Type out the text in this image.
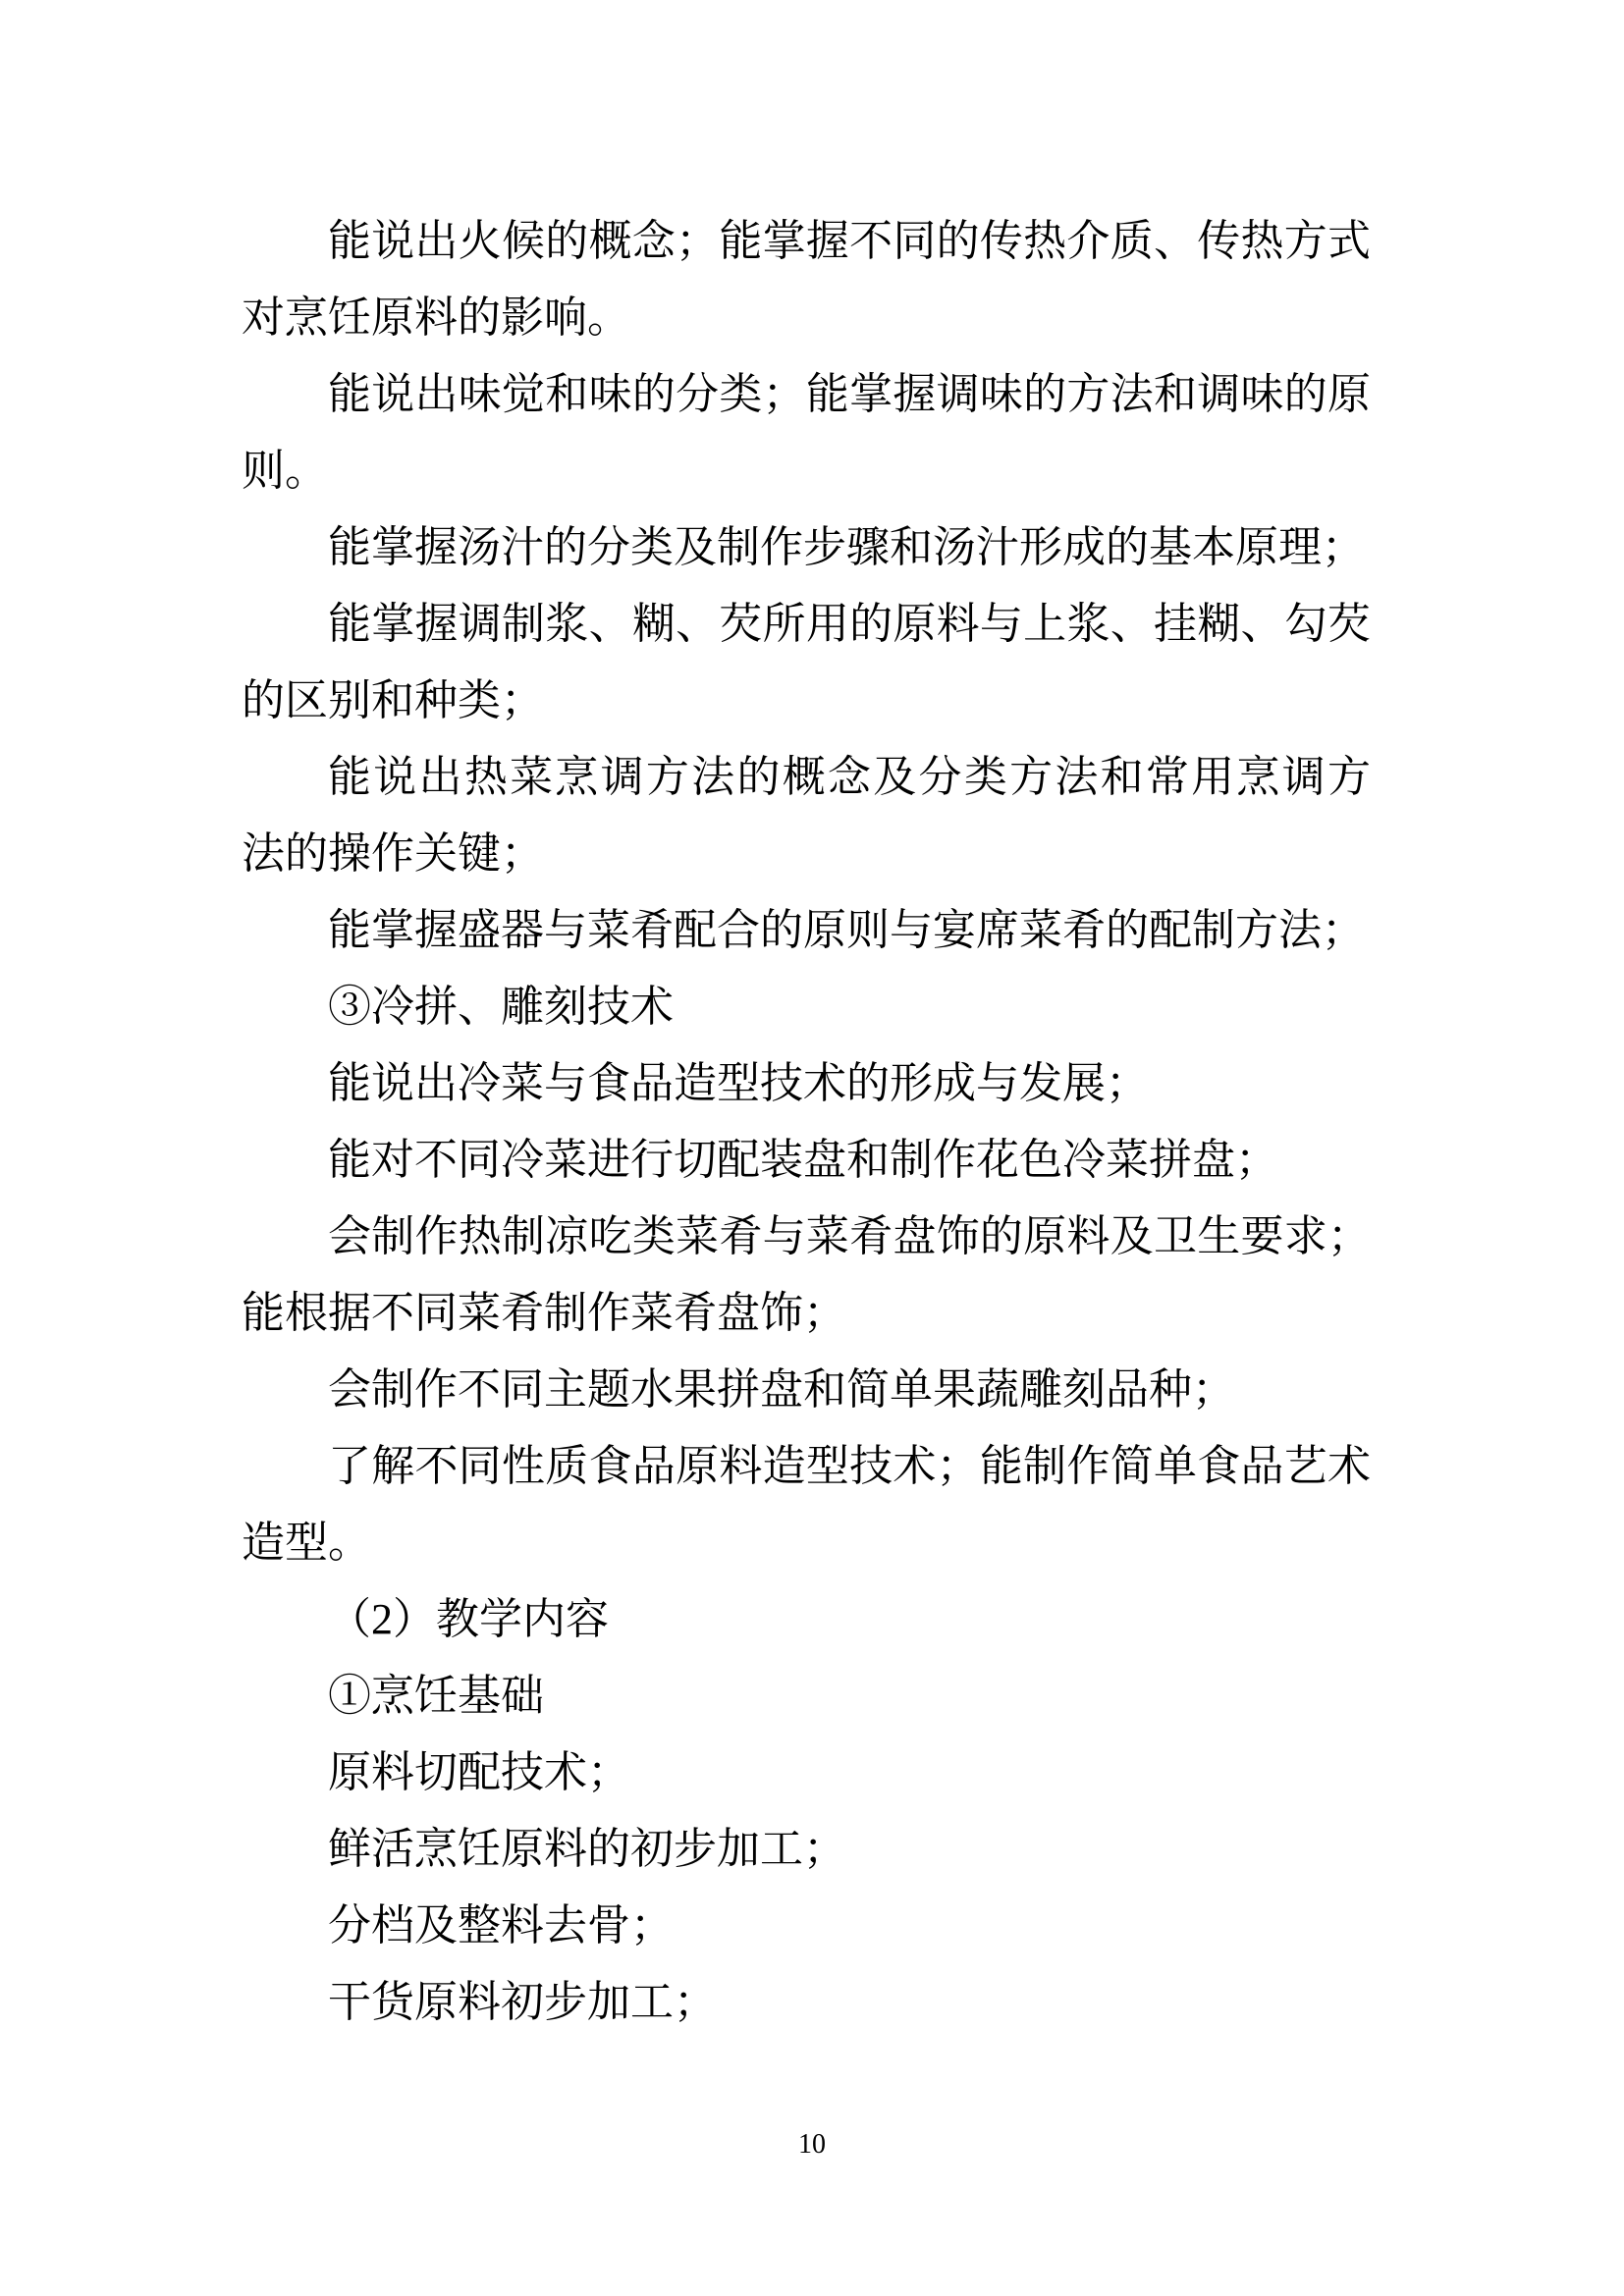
能说出火候的概念；能掌握不同的传热介质、传热方式
对烹饪原料的影响。
能说出味觉和味的分类；能掌握调味的方法和调味的原
则。
能掌握汤汁的分类及制作步骤和汤汁形成的基本原理；
能掌握调制浆、糊、芡所用的原料与上浆、挂糊、勾芡
的区别和种类；
能说出热菜烹调方法的概念及分类方法和常用烹调方
法的操作关键；
能掌握盛器与菜肴配合的原则与宴席菜肴的配制方法；
③冷拼、雕刻技术
能说出冷菜与食品造型技术的形成与发展；
能对不同冷菜进行切配装盘和制作花色冷菜拼盘；
会制作热制凉吃类菜肴与菜肴盘饰的原料及卫生要求；
能根据不同菜肴制作菜肴盘饰；
会制作不同主题水果拼盘和简单果蔬雕刻品种；
了解不同性质食品原料造型技术；能制作简单食品艺术
造型。
（2）教学内容
①烹饪基础
原料切配技术；
鲜活烹饪原料的初步加工；
分档及整料去骨；
干货原料初步加工；
10
